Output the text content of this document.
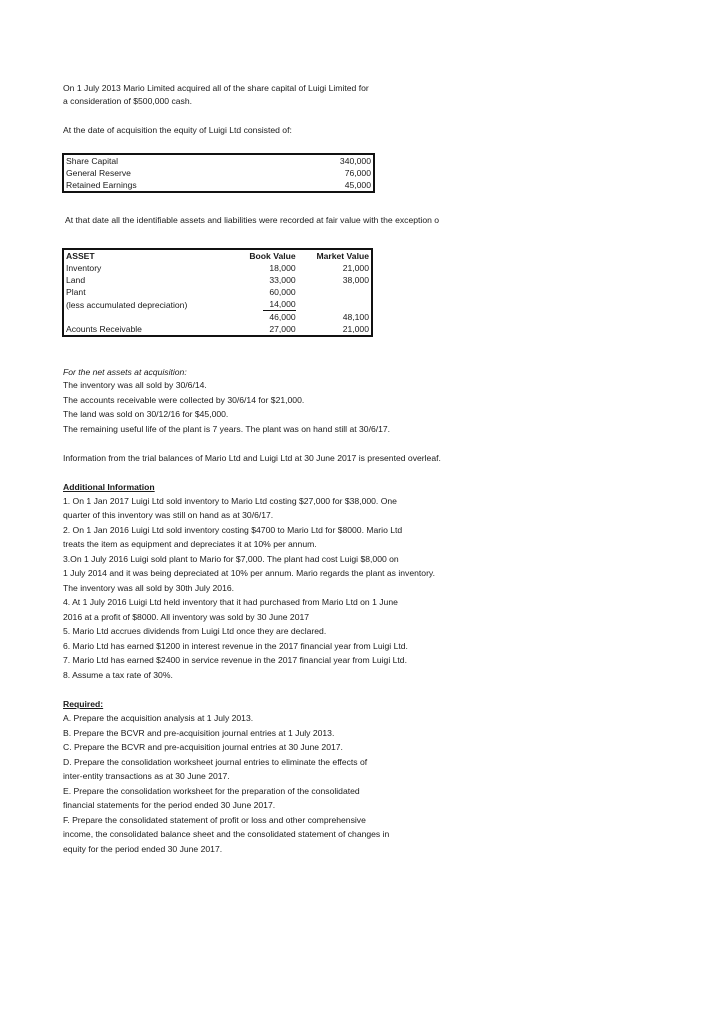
On 1 July 2013 Mario Limited acquired all of the share capital of Luigi Limited for
a consideration of $500,000 cash.
At the date of acquisition the equity of Luigi Ltd consisted of:
Share Capital	340,000
General Reserve	76,000
Retained Earnings	45,000
At that date all the identifiable assets and liabilities were recorded at fair value with the exception o
ASSET	Book Value	Market Value
Inventory	18,000	21,000
Land	33,000	38,000
Plant	60,000	
(less accumulated depreciation)	14,000	
	46,000	48,100
Acounts Receivable	27,000	21,000
For the net assets at acquisition:
The inventory was all sold by 30/6/14.
The accounts receivable were collected by 30/6/14 for $21,000.
The land was sold on 30/12/16 for $45,000.
The remaining useful life of the plant is 7 years. The plant was on hand still at 30/6/17.
Information from the trial balances of Mario Ltd and Luigi Ltd at 30 June 2017 is presented overleaf.
Additional Information
1. On 1 Jan 2017 Luigi Ltd sold inventory to Mario Ltd costing $27,000 for $38,000. One
quarter of this inventory was still on hand as at 30/6/17.
2. On 1 Jan 2016 Luigi Ltd sold inventory costing $4700 to Mario Ltd for $8000. Mario Ltd
treats the item as equipment and depreciates it at 10% per annum.
3.On 1 July 2016 Luigi sold plant to Mario for $7,000. The plant had cost Luigi $8,000 on
1 July 2014 and it was being depreciated at 10% per annum. Mario regards the plant as inventory.
The inventory was all sold by 30th July 2016.
4. At 1 July 2016 Luigi Ltd held inventory that it had purchased from Mario Ltd on 1 June
2016 at a profit of $8000. All inventory was sold by 30 June 2017
5. Mario Ltd accrues dividends from Luigi Ltd once they are declared.
6. Mario Ltd has earned $1200 in interest revenue in the 2017 financial year from Luigi Ltd.
7. Mario Ltd has earned $2400 in service revenue in the 2017 financial year from Luigi Ltd.
8. Assume a tax rate of 30%.
Required:
A. Prepare the acquisition analysis at 1 July 2013.
B. Prepare the BCVR and pre-acquisition journal entries at 1 July 2013.
C. Prepare the BCVR and pre-acquisition journal entries at 30 June 2017.
D. Prepare the consolidation worksheet journal entries to eliminate the effects of
inter-entity transactions as at 30 June 2017.
E. Prepare the consolidation worksheet for the preparation of the consolidated
financial statements for the period ended 30 June 2017.
F. Prepare the consolidated statement of profit or loss and other comprehensive
income, the consolidated balance sheet and the consolidated statement of changes in
equity for the period ended 30 June 2017.
